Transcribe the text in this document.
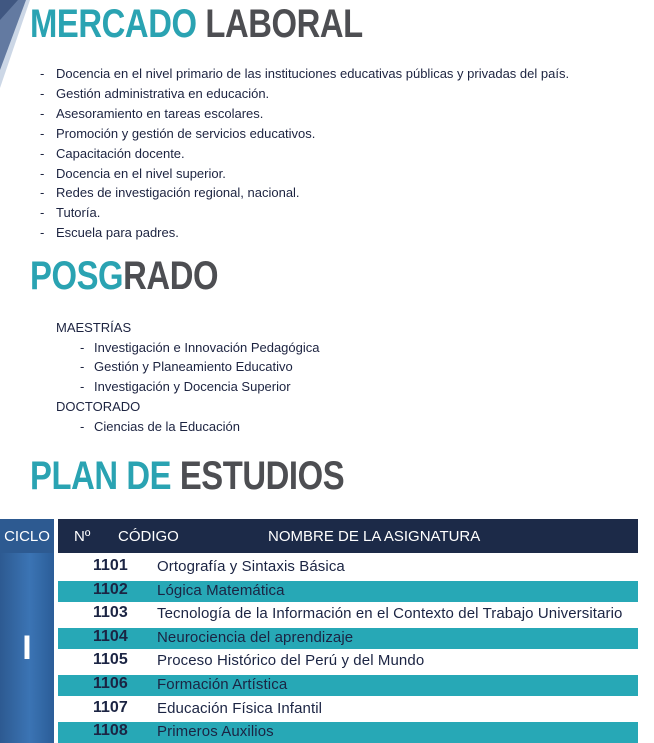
MERCADO LABORAL
- Docencia en el nivel primario de las instituciones educativas públicas y privadas del país.
- Gestión administrativa en educación.
- Asesoramiento en tareas escolares.
- Promoción y gestión de servicios educativos.
- Capacitación docente.
- Docencia en el nivel superior.
- Redes de investigación regional, nacional.
- Tutoría.
- Escuela para padres.
POSGRADO
MAESTRÍAS
- Investigación e Innovación Pedagógica
- Gestión y Planeamiento Educativo
- Investigación y Docencia Superior
DOCTORADO
- Ciencias de la Educación
PLAN DE ESTUDIOS
CICLO
I
Nº CÓDIGO	NOMBRE DE LA ASIGNATURA
1101 Ortografía y Sintaxis Básica
1102 Lógica Matemática
1103 Tecnología de la Información en el Contexto del Trabajo Universitario
1104 Neurociencia del aprendizaje
1105 Proceso Histórico del Perú y del Mundo
1106 Formación Artística
1107 Educación Física Infantil
1108 Primeros Auxilios
